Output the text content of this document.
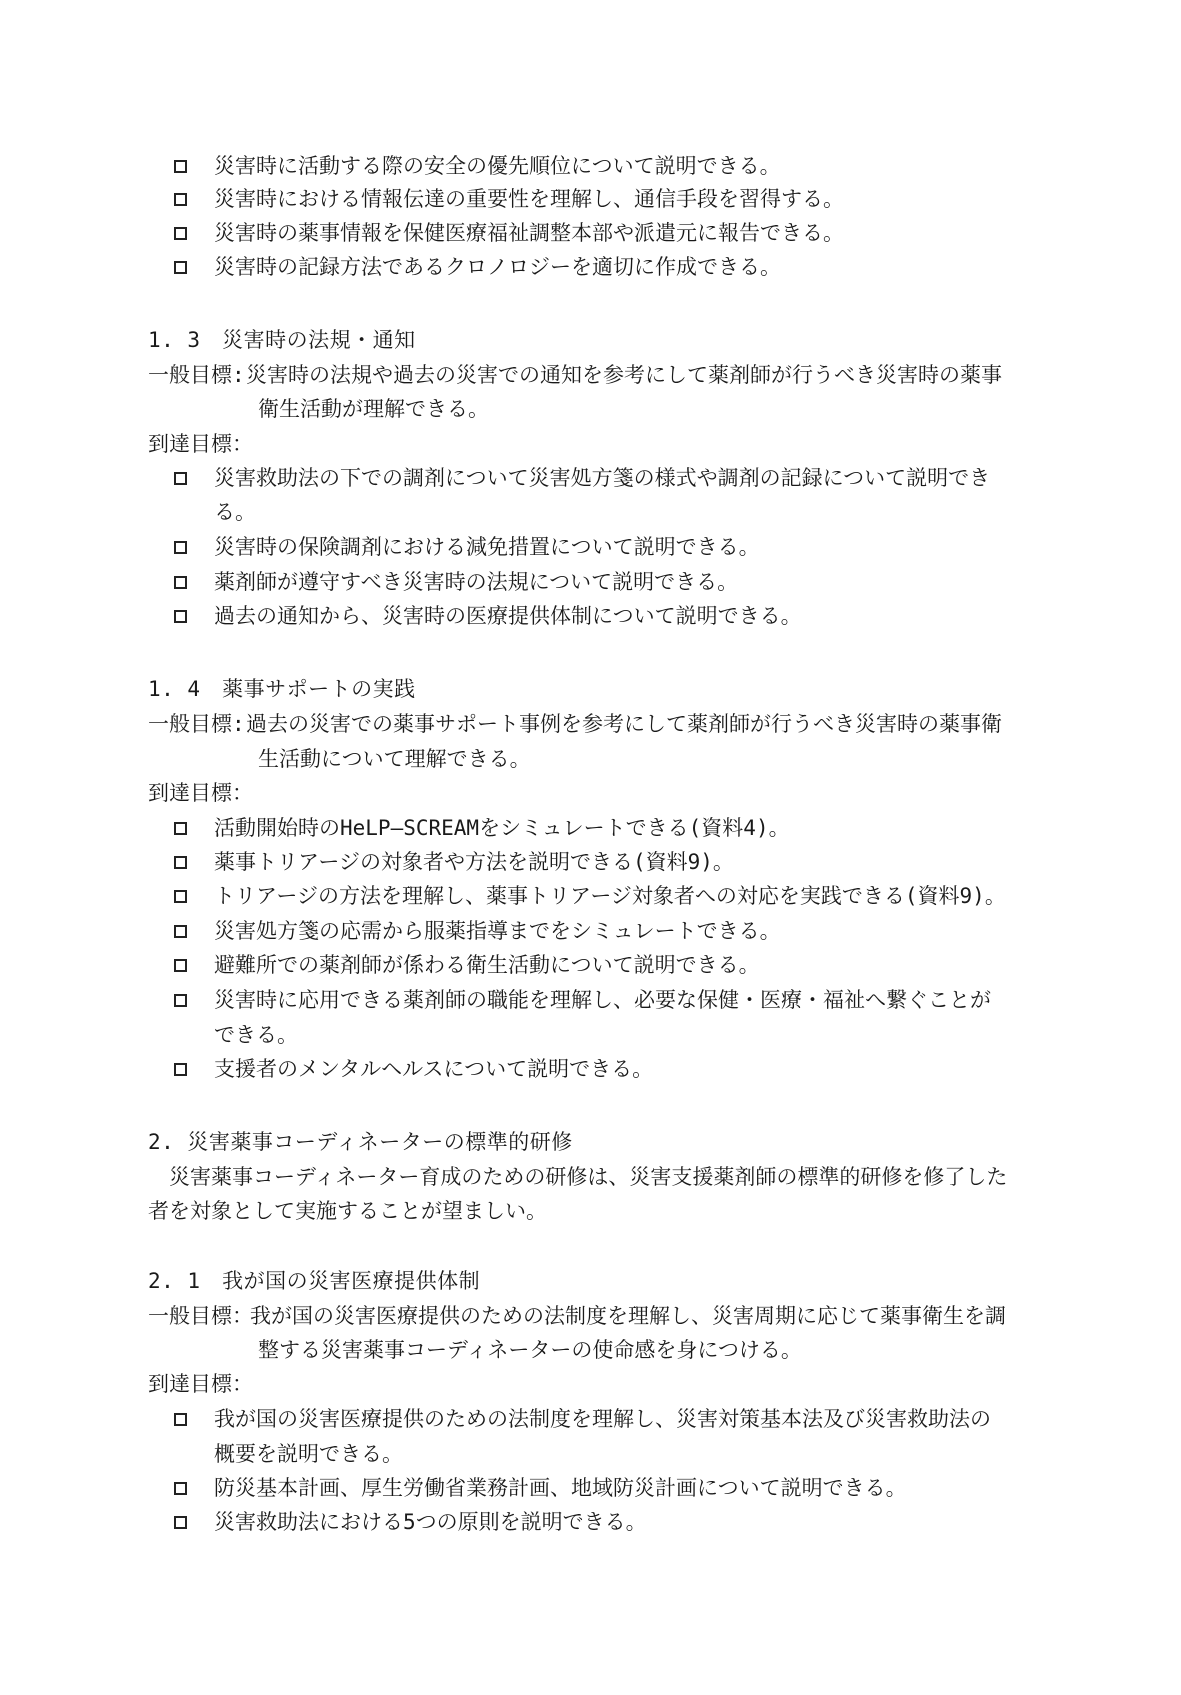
災害時に活動する際の安全の優先順位について説明できる。
災害時における情報伝達の重要性を理解し、通信手段を習得する。
災害時の薬事情報を保健医療福祉調整本部や派遣元に報告できる。
災害時の記録方法であるクロノロジーを適切に作成できる。
1. 3　災害時の法規・通知
一般目標: 災害時の法規や過去の災害での通知を参考にして薬剤師が行うべき災害時の薬事
衛生活動が理解できる。
到達目標：
災害救助法の下での調剤について災害処方箋の様式や調剤の記録について説明でき
る。
災害時の保険調剤における減免措置について説明できる。
薬剤師が遵守すべき災害時の法規について説明できる。
過去の通知から、災害時の医療提供体制について説明できる。
1. 4　薬事サポートの実践
一般目標: 過去の災害での薬事サポート事例を参考にして薬剤師が行うべき災害時の薬事衛
生活動について理解できる。
到達目標：
活動開始時のHeLP―SCREAMをシミュレートできる(資料4)。
薬事トリアージの対象者や方法を説明できる(資料9)。
トリアージの方法を理解し、薬事トリアージ対象者への対応を実践できる(資料9)。
災害処方箋の応需から服薬指導までをシミュレートできる。
避難所での薬剤師が係わる衛生活動について説明できる。
災害時に応用できる薬剤師の職能を理解し、必要な保健・医療・福祉へ繋ぐことが
できる。
支援者のメンタルヘルスについて説明できる。
2. 災害薬事コーディネーターの標準的研修
　災害薬事コーディネーター育成のための研修は、災害支援薬剤師の標準的研修を修了した
者を対象として実施することが望ましい。
2. 1　我が国の災害医療提供体制
一般目標：
我が国の災害医療提供のための法制度を理解し、災害周期に応じて薬事衛生を調
整する災害薬事コーディネーターの使命感を身につける。
到達目標：
我が国の災害医療提供のための法制度を理解し、災害対策基本法及び災害救助法の
概要を説明できる。
防災基本計画、厚生労働省業務計画、地域防災計画について説明できる。
災害救助法における5つの原則を説明できる。
